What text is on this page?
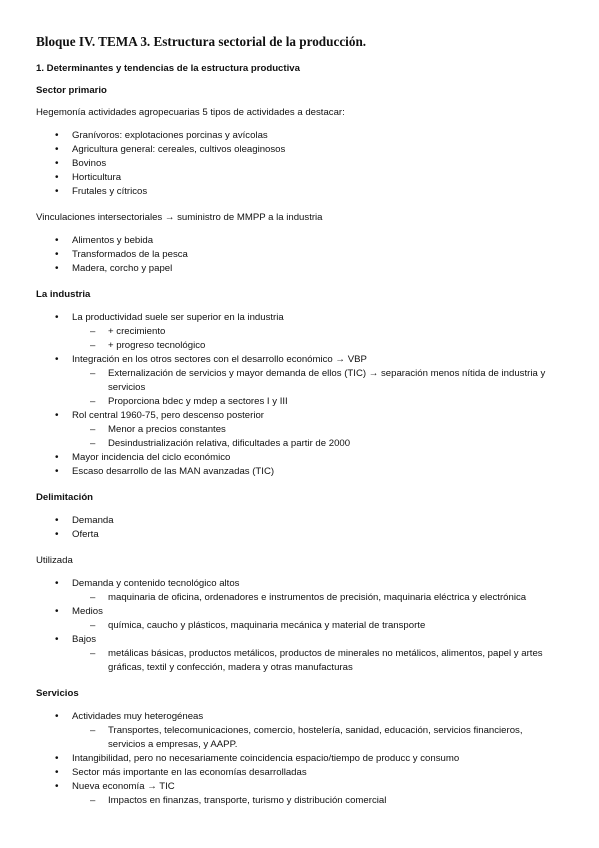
Bloque IV. TEMA 3. Estructura sectorial de la producción.
1. Determinantes y tendencias de la estructura productiva
Sector primario
Hegemonía actividades agropecuarias 5 tipos de actividades a destacar:
• Granívoros: explotaciones porcinas y avícolas
• Agricultura general: cereales, cultivos oleaginosos
• Bovinos
• Horticultura
• Frutales y cítricos
Vinculaciones intersectoriales → suministro de MMPP a la industria
• Alimentos y bebida
• Transformados de la pesca
• Madera, corcho y papel
La industria
• La productividad suele ser superior en la industria
– + crecimiento
– + progreso tecnológico
• Integración en los otros sectores con el desarrollo económico → VBP
– Externalización de servicios y mayor demanda de ellos (TIC) → separación menos nítida de industria y servicios
– Proporciona bdec y mdep a sectores I y III
• Rol central 1960-75, pero descenso posterior
– Menor a precios constantes
– Desindustrialización relativa, dificultades a partir de 2000
• Mayor incidencia del ciclo económico
• Escaso desarrollo de las MAN avanzadas (TIC)
Delimitación
• Demanda
• Oferta
Utilizada
• Demanda y contenido tecnológico altos
– maquinaria de oficina, ordenadores e instrumentos de precisión, maquinaria eléctrica y electrónica
• Medios
– química, caucho y plásticos, maquinaria mecánica y material de transporte
• Bajos
– metálicas básicas, productos metálicos, productos de minerales no metálicos, alimentos, papel y artes gráficas, textil y confección, madera y otras manufacturas
Servicios
• Actividades muy heterogéneas
– Transportes, telecomunicaciones, comercio, hostelería, sanidad, educación, servicios financieros, servicios a empresas, y AAPP.
• Intangibilidad, pero no necesariamente coincidencia espacio/tiempo de producc y consumo
• Sector más importante en las economías desarrolladas
• Nueva economía → TIC
– Impactos en finanzas, transporte, turismo y distribución comercial
